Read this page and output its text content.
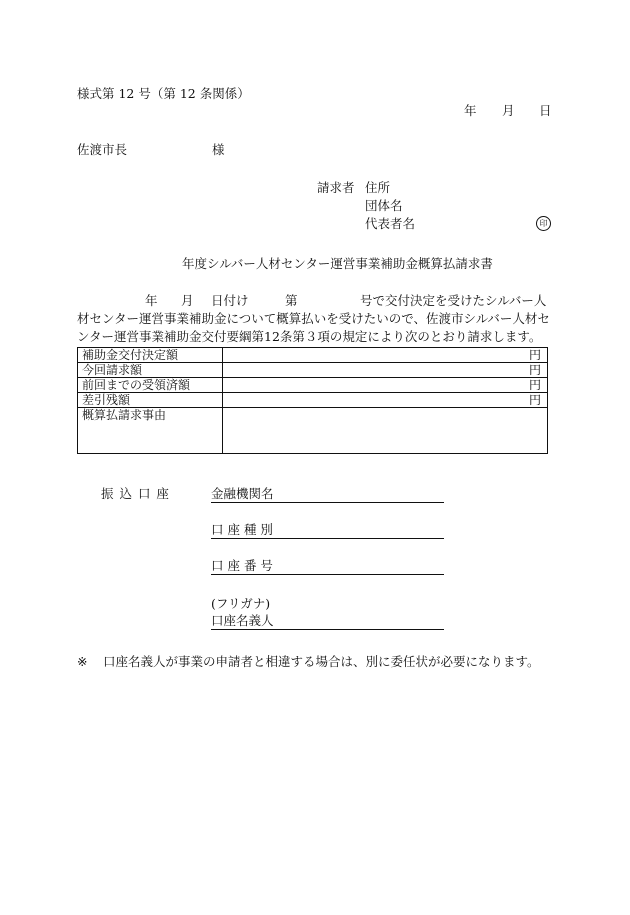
様式第 12 号（第 12 条関係）
年 月 日
佐渡市長	様
請求者 住所
団体名
代表者名	印
年度シルバー人材センター運営事業補助金概算払請求書
年 月 日付け	第	号で交付決定を受けたシルバー人
材センター運営事業補助金について概算払いを受けたいので、佐渡市シルバー人材セ
ンター運営事業補助金交付要綱第12条第３項の規定により次のとおり請求します。
補助金交付決定額	円
今回請求額	円
前回までの受領済額	円
差引残額	円
概算払請求事由	
振 込 口 座	金融機関名
口 座 種 別
口 座 番 号
(フリガナ)
口座名義人
※ 口座名義人が事業の申請者と相違する場合は、別に委任状が必要になります。
